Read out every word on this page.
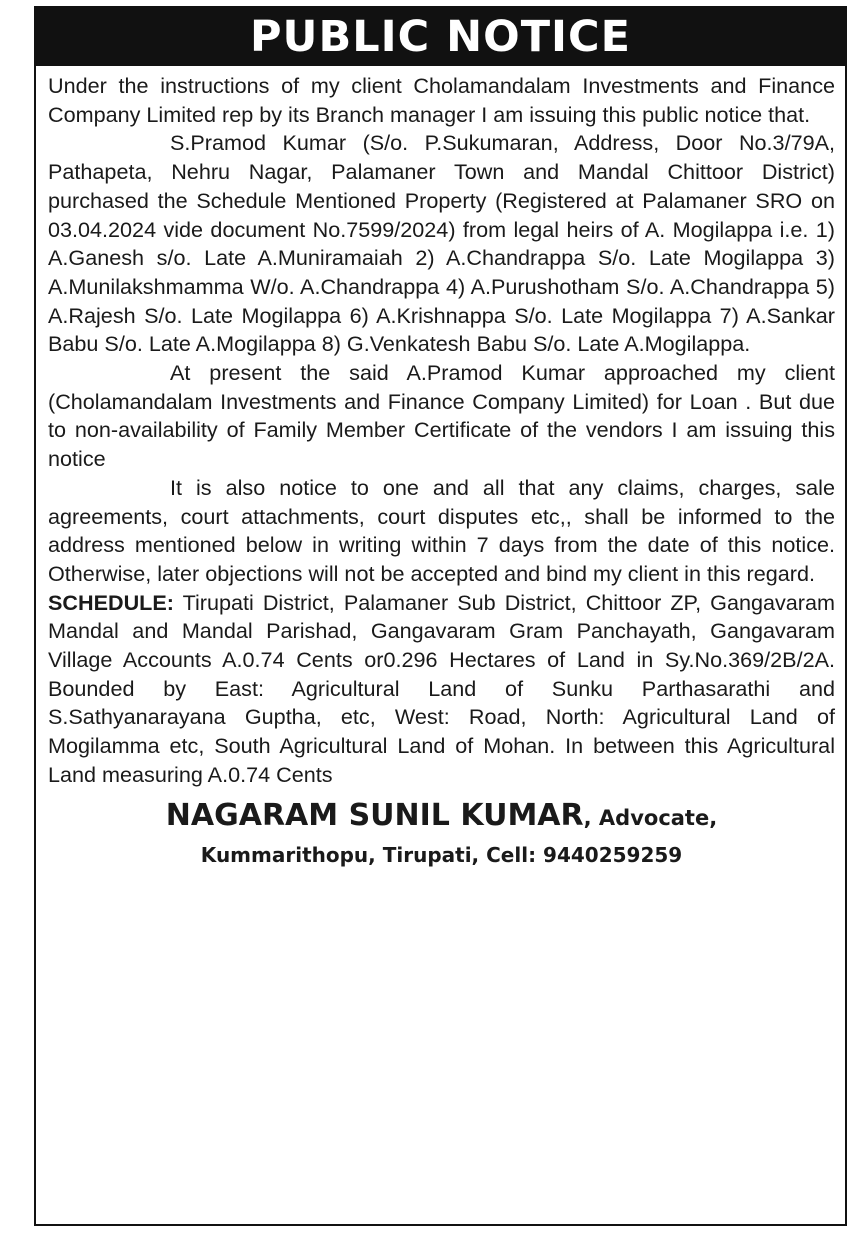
PUBLIC NOTICE

Under the instructions of my client Cholamandalam Investments and Finance Company Limited rep by its Branch manager I am issuing this public notice that.

S.Pramod Kumar (S/o. P.Sukumaran, Address, Door No.3/79A, Pathapeta, Nehru Nagar, Palamaner Town and Mandal Chittoor District) purchased the Schedule Mentioned Property (Registered at Palamaner SRO on 03.04.2024 vide document No.7599/2024) from legal heirs of A. Mogilappa i.e. 1) A.Ganesh s/o. Late A.Muniramaiah 2) A.Chandrappa S/o. Late Mogilappa 3) A.Munilakshmamma W/o. A.Chandrappa 4) A.Purushotham S/o. A.Chandrappa 5) A.Rajesh S/o. Late Mogilappa 6) A.Krishnappa S/o. Late Mogilappa 7) A.Sankar Babu S/o. Late A.Mogilappa 8) G.Venkatesh Babu S/o. Late A.Mogilappa.

At present the said A.Pramod Kumar approached my client (Cholamandalam Investments and Finance Company Limited) for Loan . But due to non-availability of Family Member Certificate of the vendors I am issuing this notice

It is also notice to one and all that any claims, charges, sale agreements, court attachments, court disputes etc,, shall be informed to the address mentioned below in writing within 7 days from the date of this notice. Otherwise, later objections will not be accepted and bind my client in this regard.

SCHEDULE: Tirupati District, Palamaner Sub District, Chittoor ZP, Gangavaram Mandal and Mandal Parishad, Gangavaram Gram Panchayath, Gangavaram Village Accounts A.0.74 Cents or0.296 Hectares of Land in Sy.No.369/2B/2A. Bounded by East: Agricultural Land of Sunku Parthasarathi and S.Sathyanarayana Guptha, etc, West: Road, North: Agricultural Land of Mogilamma etc, South Agricultural Land of Mohan. In between this Agricultural Land measuring A.0.74 Cents

NAGARAM SUNIL KUMAR, Advocate,
Kummarithopu, Tirupati, Cell: 9440259259
